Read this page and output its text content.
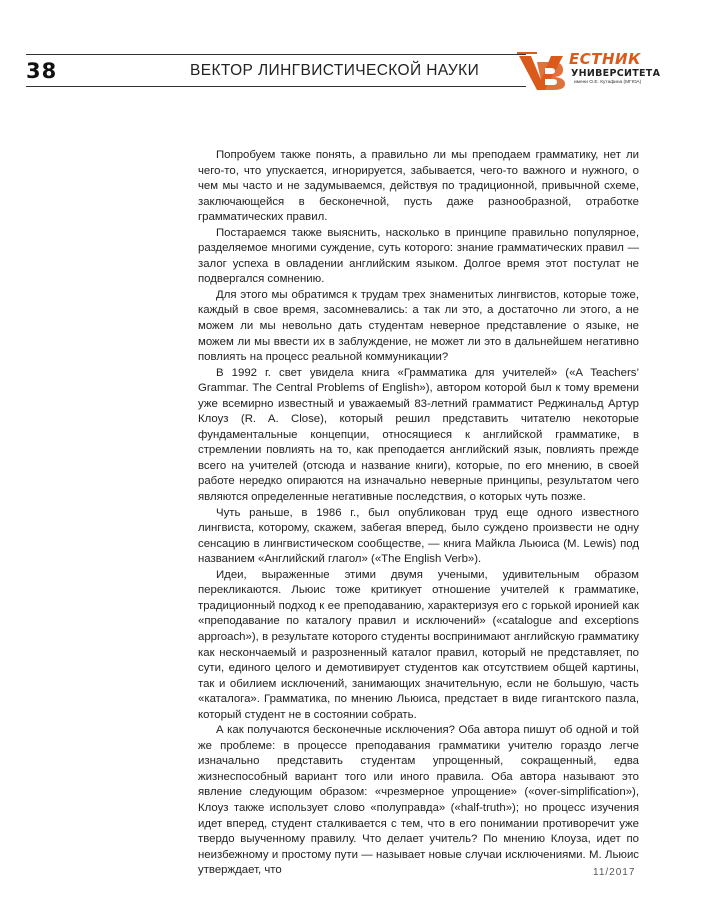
38	ВЕКТОР ЛИНГВИСТИЧЕСКОЙ НАУКИ
ЕСТНИК
УНИВЕРСИТЕТА
имени О.Е. Кутафина (МГЮА)

Попробуем также понять, а правильно ли мы преподаем грамматику, нет ли чего-то, что упускается, игнорируется, забывается, чего-то важного и нужного, о чем мы часто и не задумываемся, действуя по традиционной, привычной схеме, заключающейся в бесконечной, пусть даже разнообразной, отработке грамматических правил.

Постараемся также выяснить, насколько в принципе правильно популярное, разделяемое многими суждение, суть которого: знание грамматических правил — залог успеха в овладении английским языком. Долгое время этот постулат не подвергался сомнению.

Для этого мы обратимся к трудам трех знаменитых лингвистов, которые тоже, каждый в свое время, засомневались: а так ли это, а достаточно ли этого, а не можем ли мы невольно дать студентам неверное представление о языке, не можем ли мы ввести их в заблуждение, не может ли это в дальнейшем негативно повлиять на процесс реальной коммуникации?

В 1992 г. свет увидела книга «Грамматика для учителей» («A Teachers’ Grammar. The Central Problems of English»), автором которой был к тому времени уже всемирно известный и уважаемый 83-летний грамматист Реджинальд Артур Клоуз (R. A. Close), который решил представить читателю некоторые фундаментальные концепции, относящиеся к английской грамматике, в стремлении повлиять на то, как преподается английский язык, повлиять прежде всего на учителей (отсюда и название книги), которые, по его мнению, в своей работе нередко опираются на изначально неверные принципы, результатом чего являются определенные негативные последствия, о которых чуть позже.

Чуть раньше, в 1986 г., был опубликован труд еще одного известного лингвиста, которому, скажем, забегая вперед, было суждено произвести не одну сенсацию в лингвистическом сообществе, — книга Майкла Льюиса (M. Lewis) под названием «Английский глагол» («The English Verb»).

Идеи, выраженные этими двумя учеными, удивительным образом перекликаются. Льюис тоже критикует отношение учителей к грамматике, традиционный подход к ее преподаванию, характеризуя его с горькой иронией как «преподавание по каталогу правил и исключений» («catalogue and exceptions approach»), в результате которого студенты воспринимают английскую грамматику как нескончаемый и разрозненный каталог правил, который не представляет, по сути, единого целого и демотивирует студентов как отсутствием общей картины, так и обилием исключений, занимающих значительную, если не большую, часть «каталога». Грамматика, по мнению Льюиса, предстает в виде гигантского пазла, который студент не в состоянии собрать.

А как получаются бесконечные исключения? Оба автора пишут об одной и той же проблеме: в процессе преподавания грамматики учителю гораздо легче изначально представить студентам упрощенный, сокращенный, едва жизнеспособный вариант того или иного правила. Оба автора называют это явление следующим образом: «чрезмерное упрощение» («over-simplification»), Клоуз также использует слово «полуправда» («half-truth»); но процесс изучения идет вперед, студент сталкивается с тем, что в его понимании противоречит уже твердо выученному правилу. Что делает учитель? По мнению Клоуза, идет по неизбежному и простому пути — называет новые случаи исключениями. М. Льюис утверждает, что	11/2017
